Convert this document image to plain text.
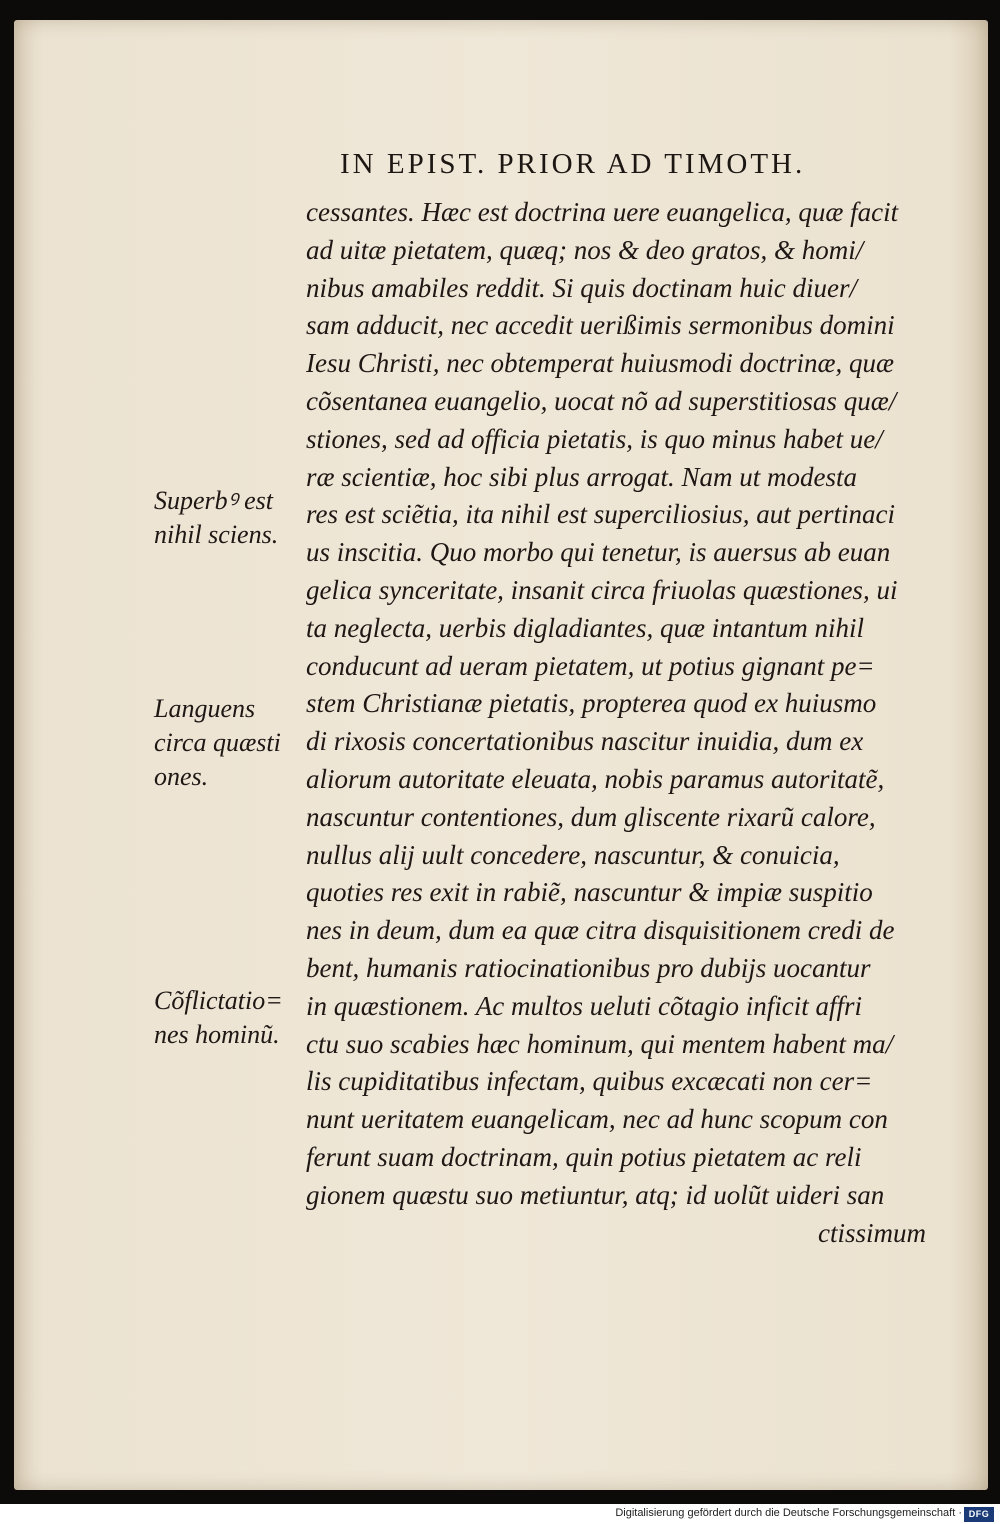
IN EPIST. PRIOR AD TIMOTH.
cessantes. Hæc est doctrina uere euangelica, quæ facit
ad uitæ pietatem, quæq; nos & deo gratos, & homi/
nibus amabiles reddit. Si quis doctinam huic diuer/
sam adducit, nec accedit uerißimis sermonibus domini
Iesu Christi, nec obtemperat huiusmodi doctrinæ, quæ
cõsentanea euangelio, uocat nõ ad superstitiosas quæ/
stiones, sed ad officia pietatis, is quo minus habet ue/
ræ scientiæ, hoc sibi plus arrogat. Nam ut modesta
res est sciẽtia, ita nihil est superciliosius, aut pertinaci
us inscitia. Quo morbo qui tenetur, is auersus ab euan
gelica synceritate, insanit circa friuolas quæstiones, ui
ta neglecta, uerbis digladiantes, quæ intantum nihil
conducunt ad ueram pietatem, ut potius gignant pe=
stem Christianæ pietatis, propterea quod ex huiusmo
di rixosis concertationibus nascitur inuidia, dum ex
aliorum autoritate eleuata, nobis paramus autoritatẽ,
nascuntur contentiones, dum gliscente rixarũ calore,
nullus alij uult concedere, nascuntur, & conuicia,
quoties res exit in rabiẽ, nascuntur & impiæ suspitio
nes in deum, dum ea quæ citra disquisitionem credi de
bent, humanis ratiocinationibus pro dubijs uocantur
in quæstionem. Ac multos ueluti cõtagio inficit affri
ctu suo scabies hæc hominum, qui mentem habent ma/
lis cupiditatibus infectam, quibus excæcati non cer=
nunt ueritatem euangelicam, nec ad hunc scopum con
ferunt suam doctrinam, quin potius pietatem ac reli
gionem quæstu suo metiuntur, atq; id uolũt uideri san
ctissimum
Superbꝰ est
nihil sciens.
Languens
circa quæsti
ones.
Cõflictatio=
nes hominũ.
Digitalisierung gefördert durch die Deutsche Forschungsgemeinschaft · DFG
